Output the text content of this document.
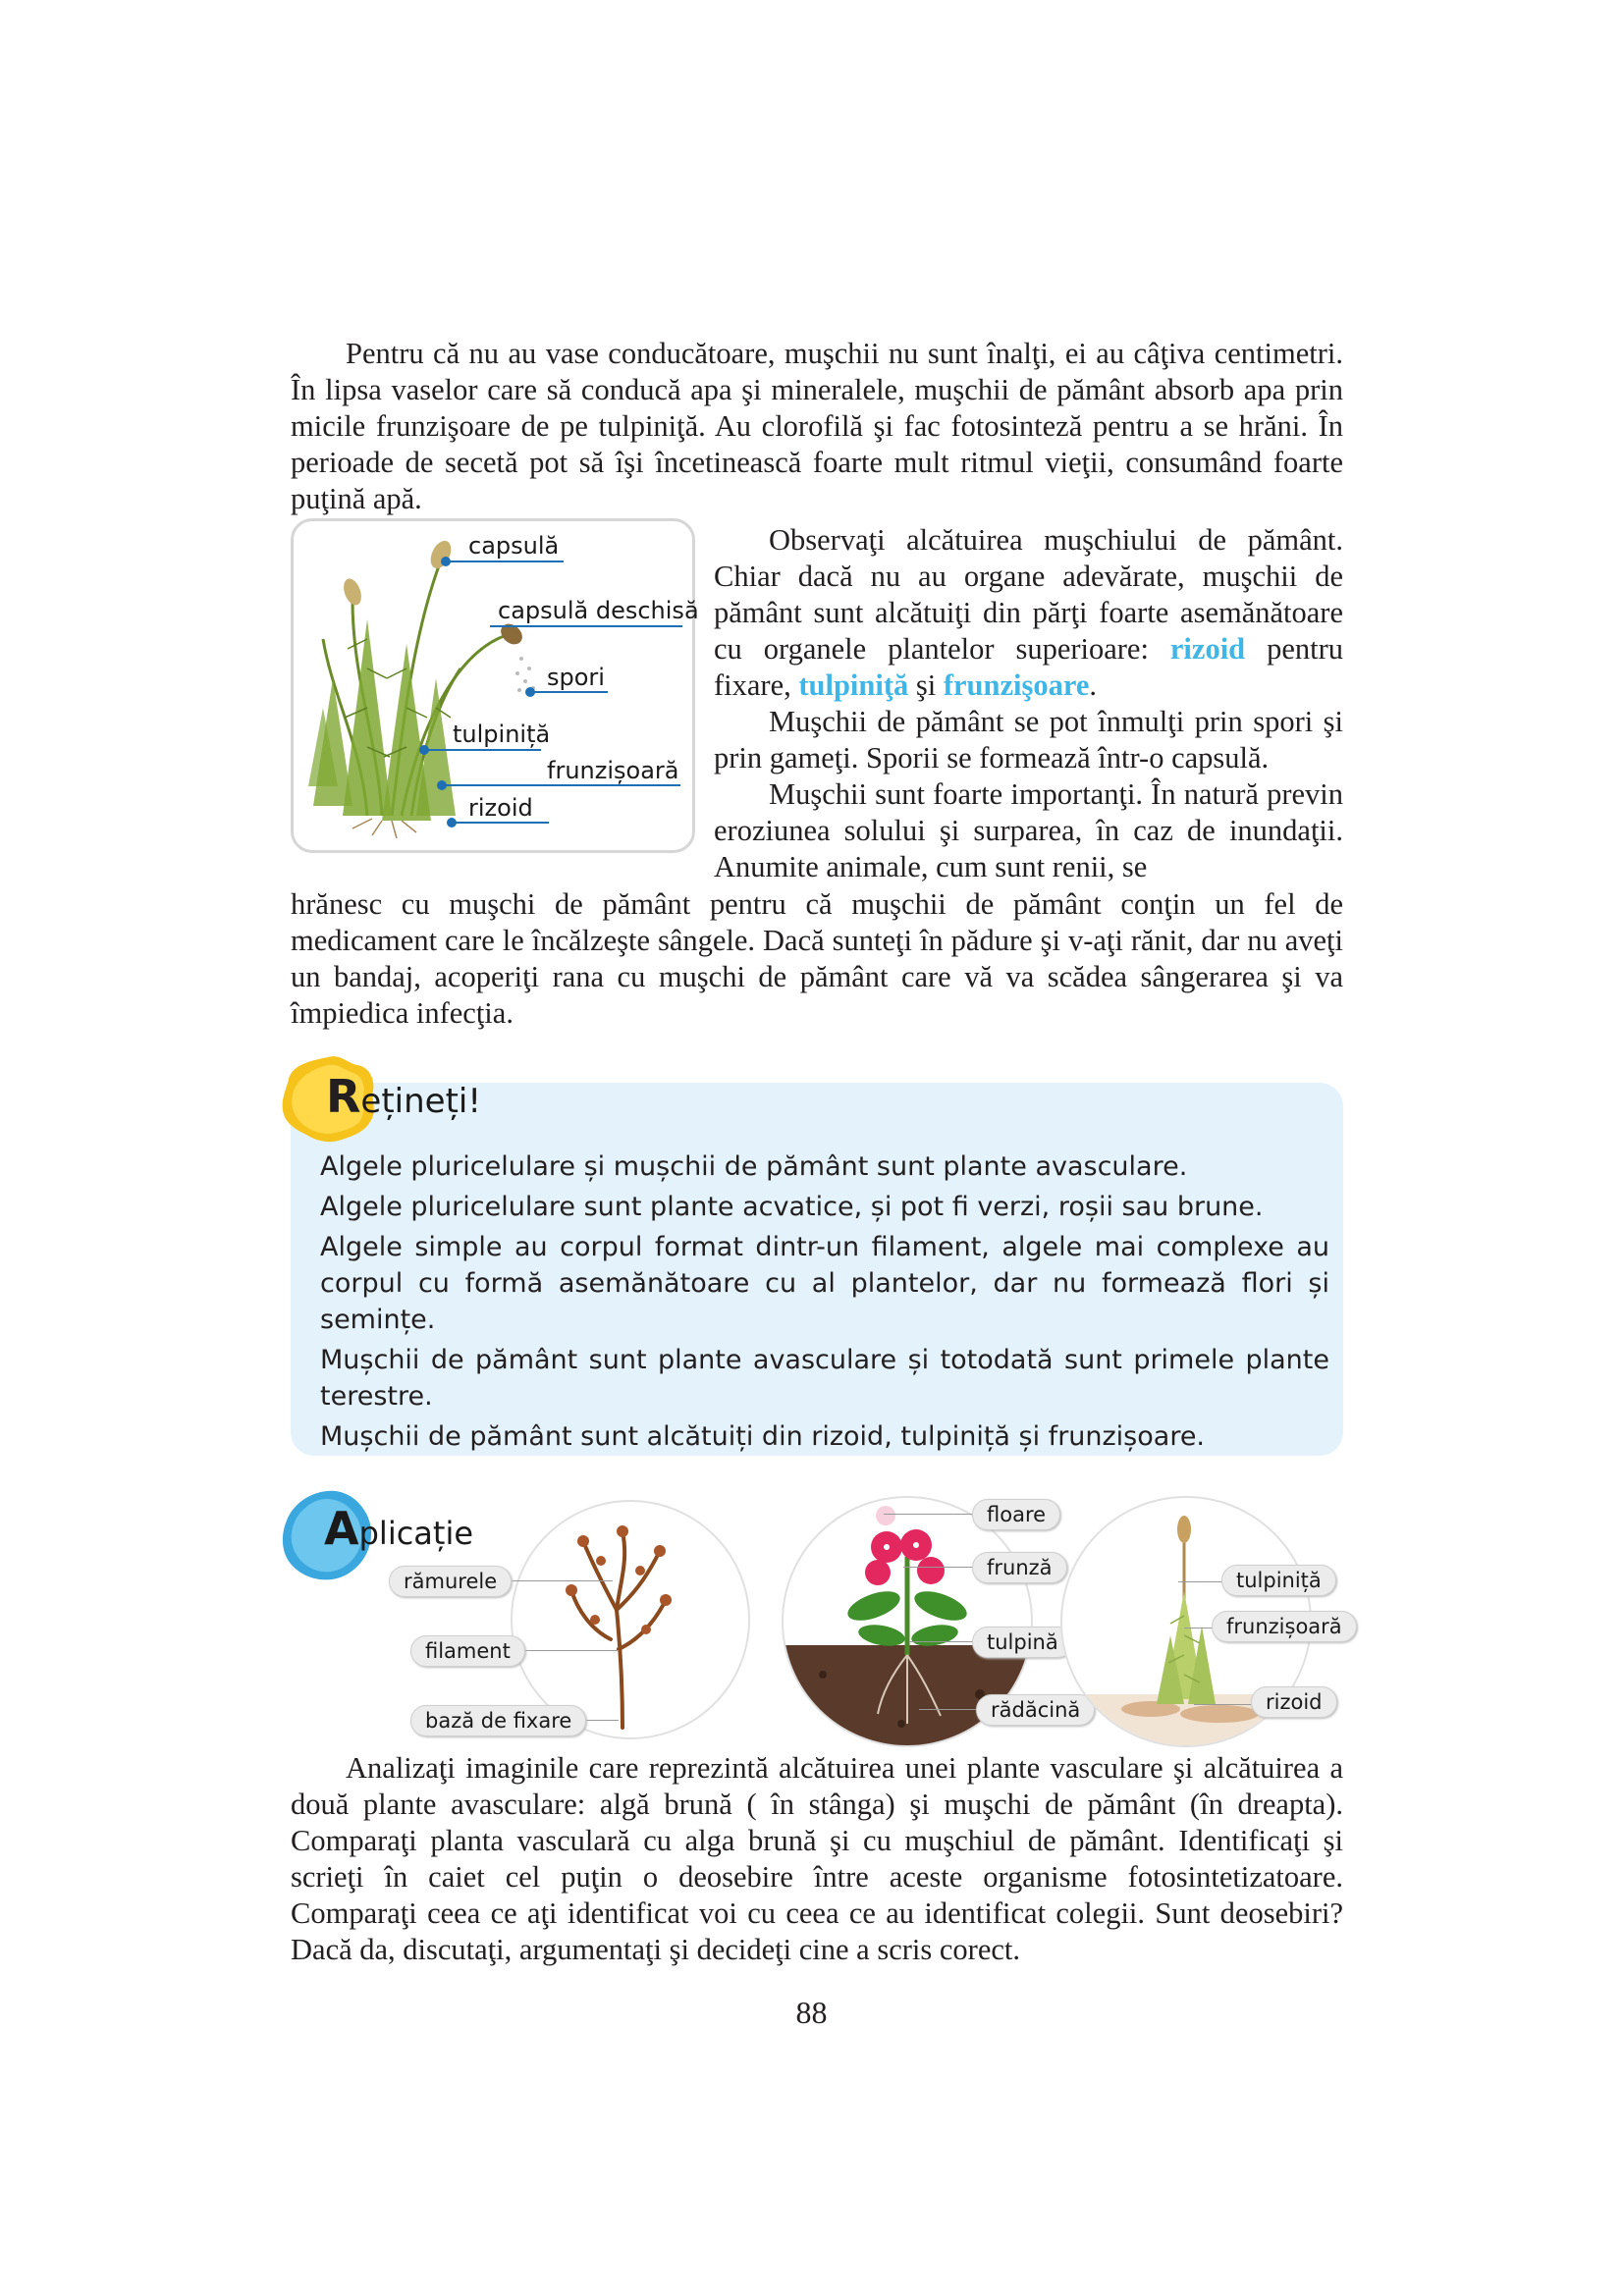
Pentru că nu au vase conducătoare, muşchii nu sunt înalţi, ei au câţiva centimetri. În lipsa vaselor care să conducă apa şi mineralele, muşchii de pământ absorb apa prin micile frunzişoare de pe tulpiniţă. Au clorofilă şi fac fotosinteză pentru a se hrăni. În perioade de secetă pot să îşi încetinească foarte mult ritmul vieţii, consumând foarte puţină apă.

capsulă
capsulă deschisă
spori
tulpiniță
frunzișoară
rizoid

Observaţi alcătuirea muşchiului de pământ. Chiar dacă nu au organe adevărate, muşchii de pământ sunt alcătuiţi din părţi foarte asemănătoare cu organele plantelor superioare: rizoid pentru fixare, tulpiniţă şi frunzişoare.

Muşchii de pământ se pot înmulţi prin spori şi prin gameţi. Sporii se formează într-o capsulă.

Muşchii sunt foarte importanţi. În natură previn eroziunea solului şi surparea, în caz de inundaţii. Anumite animale, cum sunt renii, se

hrănesc cu muşchi de pământ pentru că muşchii de pământ conţin un fel de medicament care le încălzeşte sângele. Dacă sunteţi în pădure şi v-aţi rănit, dar nu aveţi un bandaj, acoperiţi rana cu muşchi de pământ care vă va scădea sângerarea şi va împiedica infecţia.

Rețineți!
Algele pluricelulare și mușchii de pământ sunt plante avasculare.
Algele pluricelulare sunt plante acvatice, și pot fi verzi, roșii sau brune.
Algele simple au corpul format dintr-un filament, algele mai complexe au corpul cu formă asemănătoare cu al plantelor, dar nu formează flori și semințe.
Mușchii de pământ sunt plante avasculare și totodată sunt primele plante terestre.
Mușchii de pământ sunt alcătuiți din rizoid, tulpiniță și frunzișoare.
Aplicație
rămurele
filament
bază de fixare
floare
frunză
tulpină
rădăcină
tulpiniță
frunzișoară
rizoid

Analizaţi imaginile care reprezintă alcătuirea unei plante vasculare şi alcătuirea a două plante avasculare: algă brună ( în stânga) şi muşchi de pământ (în dreapta). Comparaţi planta vasculară cu alga brună şi cu muşchiul de pământ. Identificaţi şi scrieţi în caiet cel puţin o deosebire între aceste organisme fotosintetizatoare. Comparaţi ceea ce aţi identificat voi cu ceea ce au identificat colegii. Sunt deosebiri? Dacă da, discutaţi, argumentaţi şi decideţi cine a scris corect.

88
